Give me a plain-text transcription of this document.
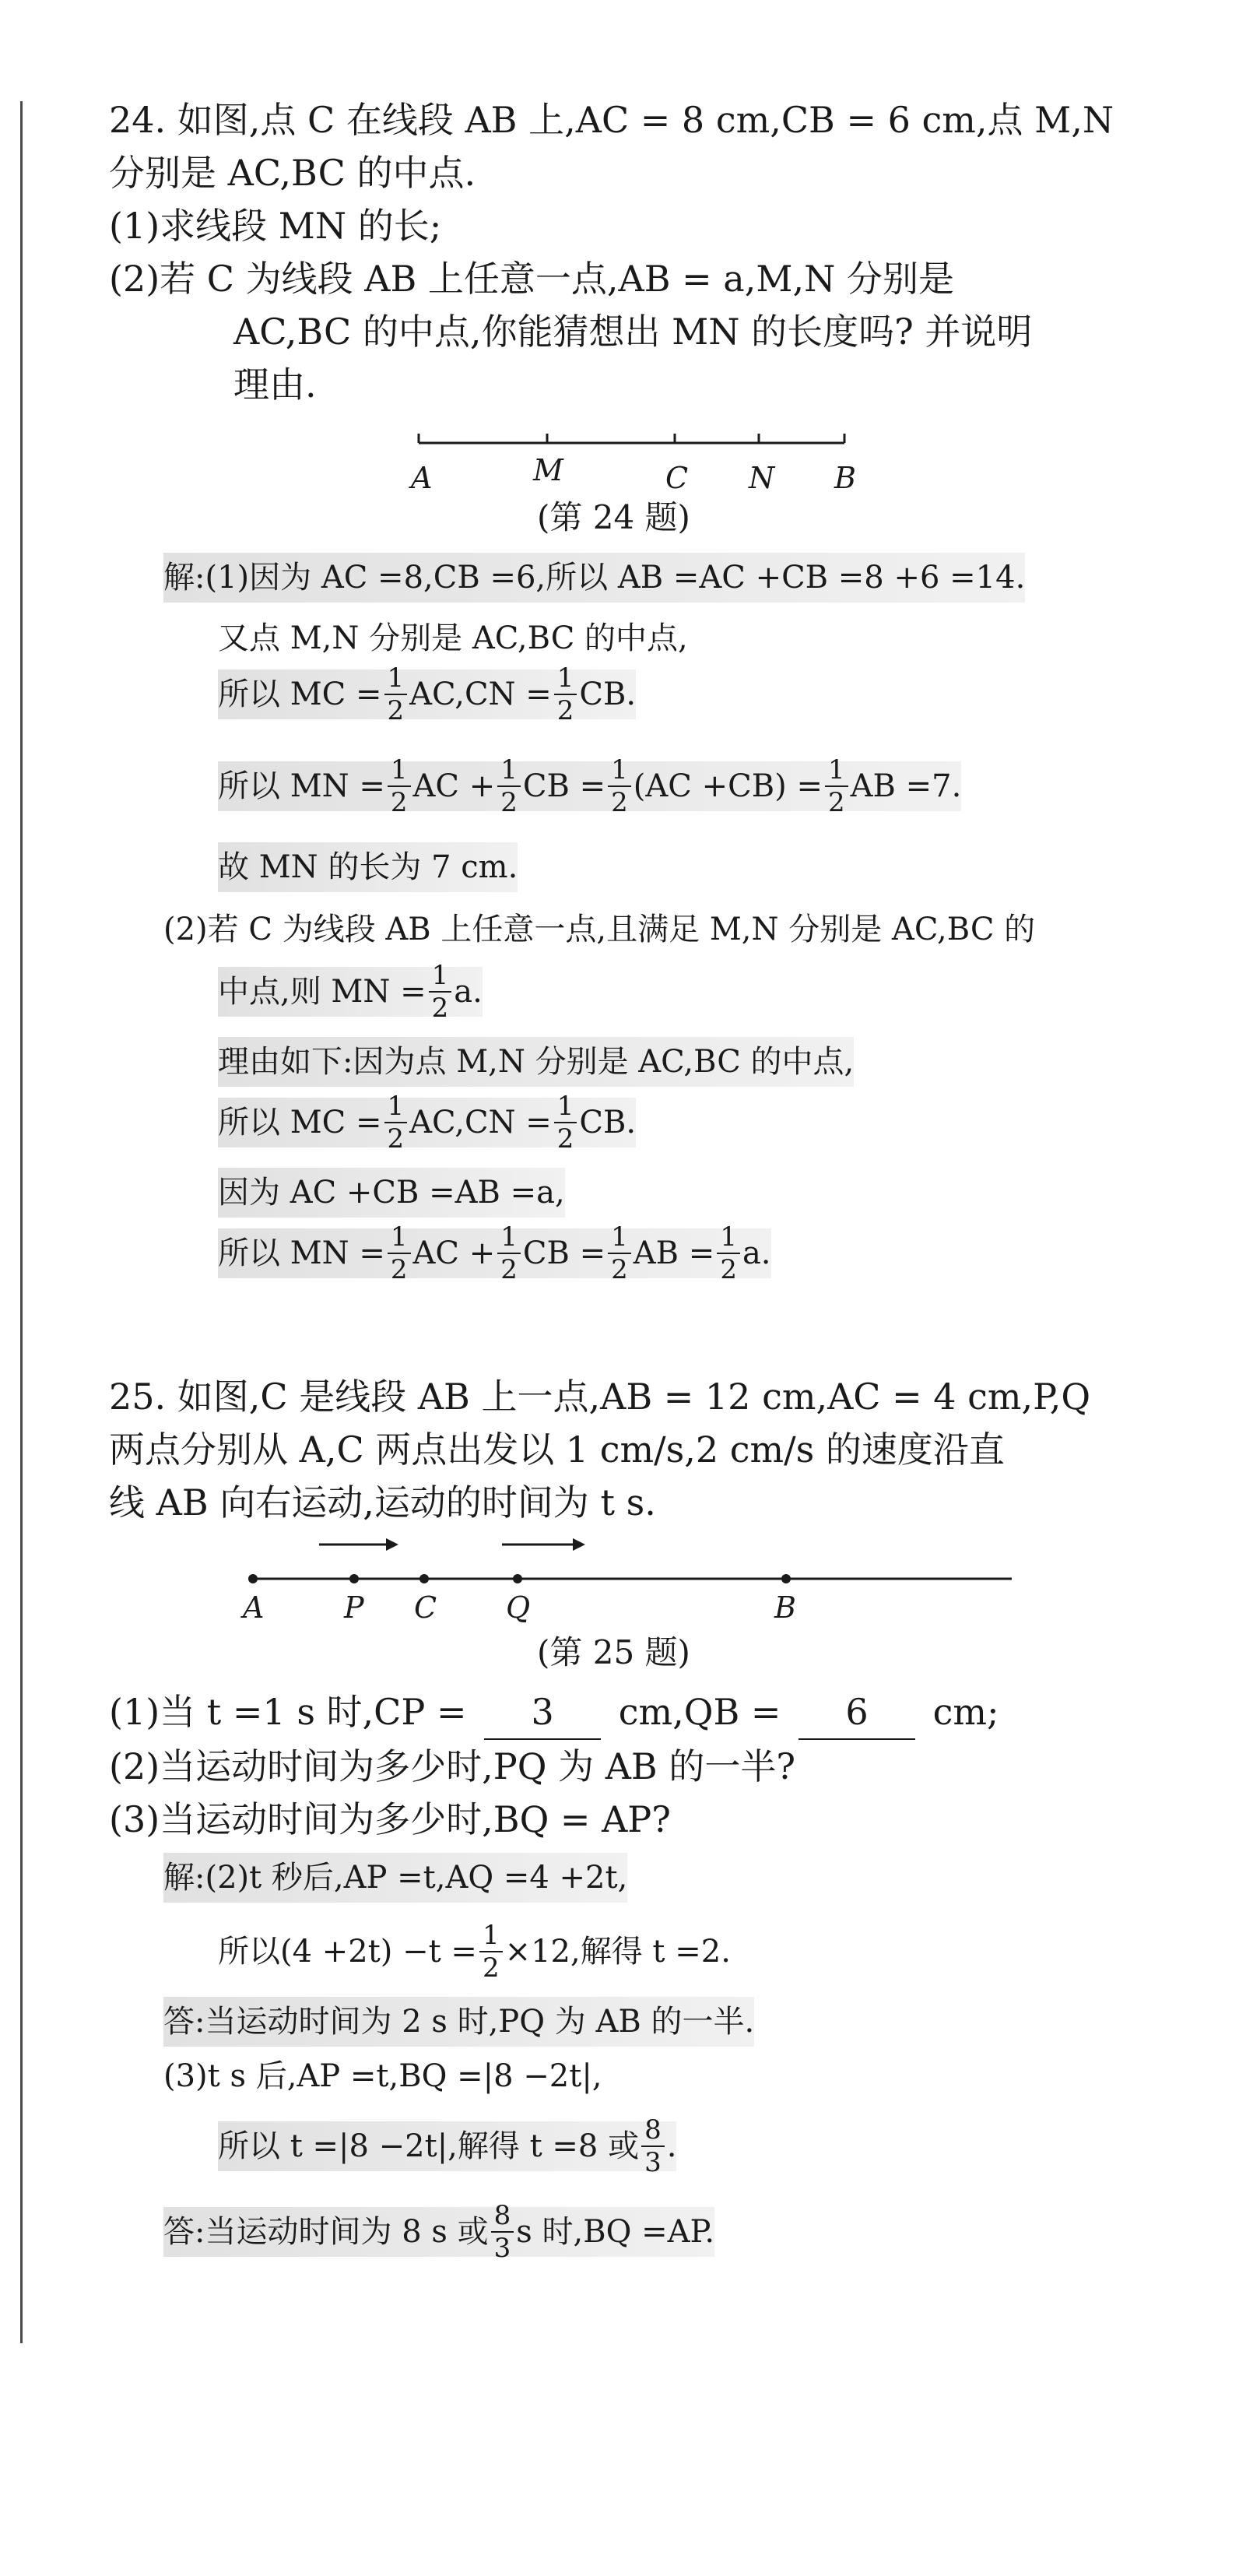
24. 如图,点 C 在线段 AB 上,AC = 8 cm,CB = 6 cm,点 M,N
分别是 AC,BC 的中点.
(1)求线段 MN 的长;
(2)若 C 为线段 AB 上任意一点,AB = a,M,N 分别是
AC,BC 的中点,你能猜想出 MN 的长度吗? 并说明
理由.
A	M	C N B
(第 24 题)
解:(1)因为 AC =8,CB =6,所以 AB =AC +CB =8 +6 =14.
又点 M,N 分别是 AC,BC 的中点,
所以 MC = $\frac{1}{2} AC,CN = \frac{1}{2}$ CB.
所以 MN = $\frac{1}{2}$ AC + $\frac{1}{2}$ CB = $\frac{1}{2} (AC +CB) = \frac{1}{2}$ AB =7.
故 MN 的长为 7 cm.
(2)若 C 为线段 AB 上任意一点,且满足 M,N 分别是 AC,BC 的
中点,则 MN = $\frac{1}{2} a$.
理由如下:因为点 M,N 分别是 AC,BC 的中点,
所以 MC = $\frac{1}{2} AC,CN = \frac{1}{2}$ CB.
因为 AC +CB =AB =a,
所以 MN = $\frac{1}{2}$ AC + $\frac{1}{2}$ CB = $\frac{1}{2}$ AB = $\frac{1}{2} a$.
25. 如图,C 是线段 AB 上一点,AB = 12 cm,AC = 4 cm,P,Q
两点分别从 A,C 两点出发以 1 cm/s,2 cm/s 的速度沿直
线 AB 向右运动,运动的时间为 t s.
A	P C Q	B
(第 25 题)
(1)当 t =1 s 时,CP = 3 cm,QB = 6 cm;
(2)当运动时间为多少时,PQ 为 AB 的一半?
(3)当运动时间为多少时,BQ = AP?
解:(2)t 秒后,AP =t,AQ =4 +2t,
所以$(4 +2t) -t = \frac{1}{2} \times 12$,解得 t =2.
答:当运动时间为 2 s 时,PQ 为 AB 的一半.
(3)t s 后,AP =t,BQ =|8 −2t|,
所以 t =|8 −2t|,解得 t =8 或 $\frac{8}{3}$ .
答:当运动时间为 8 s 或 $\frac{8}{3}$ s 时,BQ =AP.
